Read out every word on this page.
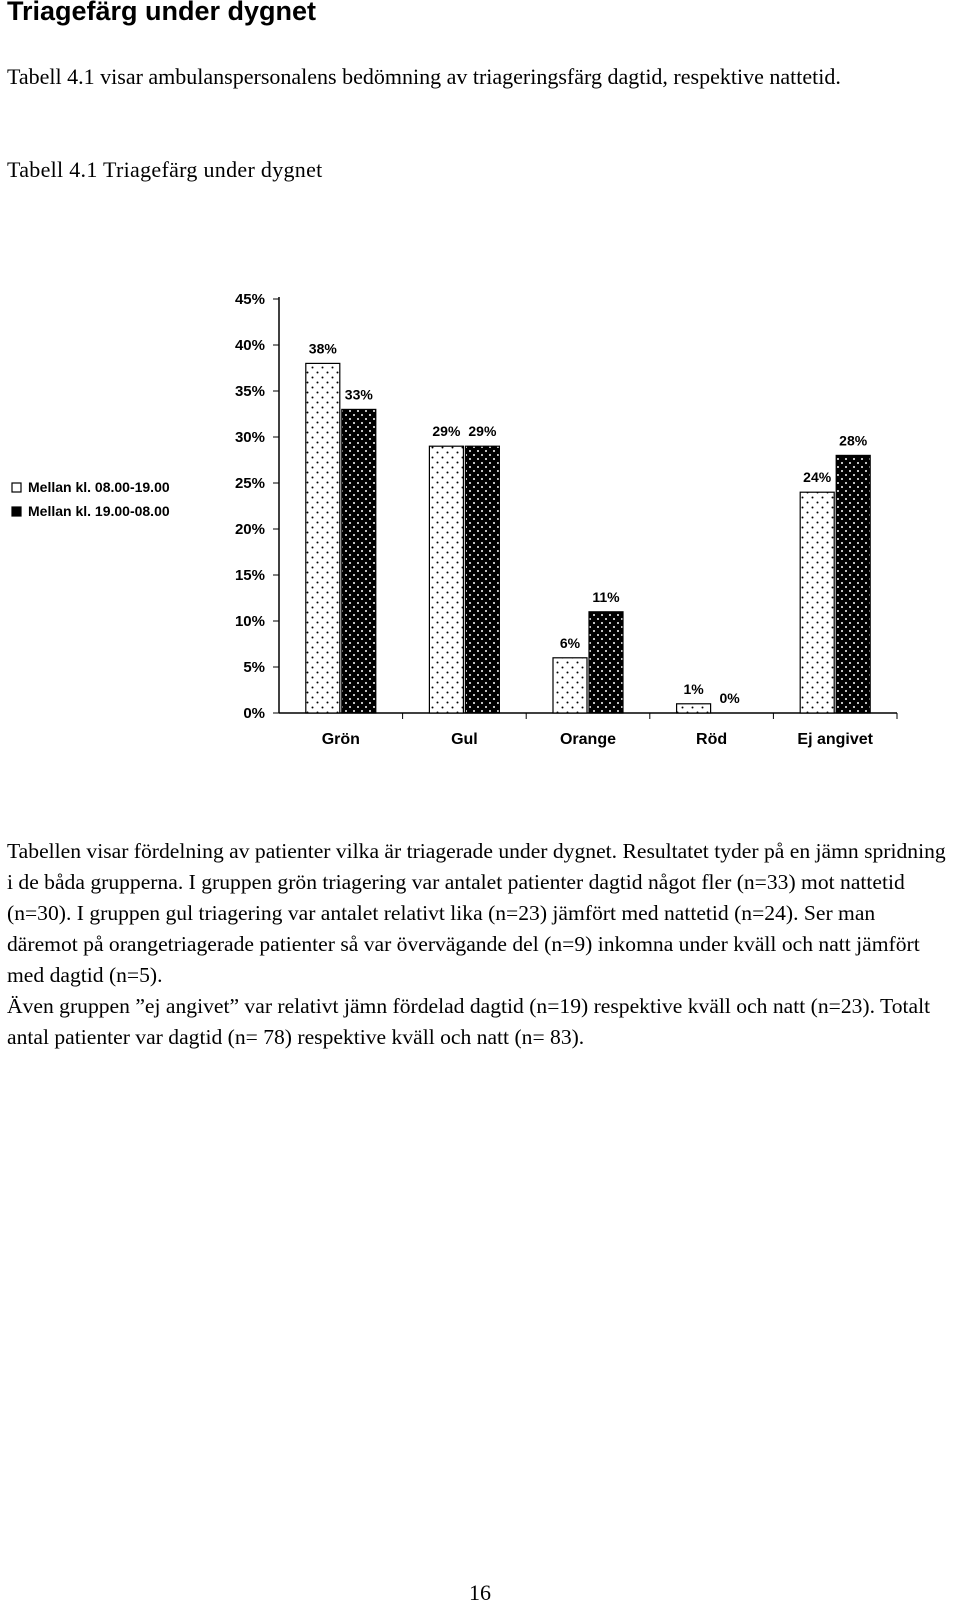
Triagefärg under dygnet

Tabell 4.1 visar ambulanspersonalens bedömning av triageringsfärg dagtid, respektive nattetid.

Tabell 4.1 Triagefärg under dygnet

0%
5%
10%
15%
20%
25%
30%
35%
40%
45%
Grön
38%
33%
Gul
29% 29%
Orange
6%
11%
Röd
1%
0%
Ej angivet
24%
28%
Mellan kl. 08.00-19.00
Mellan kl. 19.00-08.00

Tabellen visar fördelning av patienter vilka är triagerade under dygnet. Resultatet tyder på en jämn spridning i de båda grupperna. I gruppen grön triagering var antalet patienter dagtid något fler (n=33) mot nattetid (n=30). I gruppen gul triagering var antalet relativt lika (n=23) jämfört med nattetid (n=24). Ser man däremot på orangetriagerade patienter så var övervägande del (n=9) inkomna under kväll och natt jämfört med dagtid (n=5).

Även gruppen ”ej angivet” var relativt jämn fördelad dagtid (n=19) respektive kväll och natt (n=23). Totalt antal patienter var dagtid (n= 78) respektive kväll och natt (n= 83).

16
